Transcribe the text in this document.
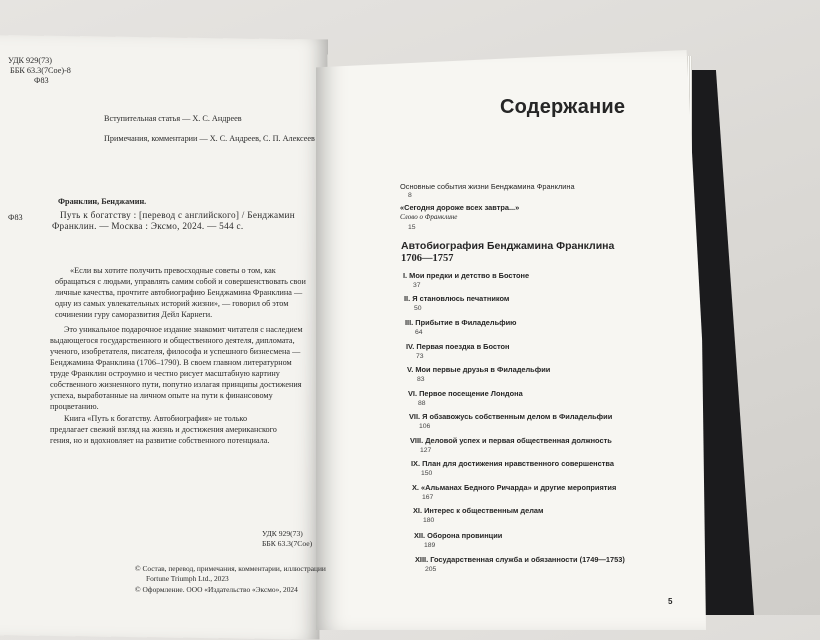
УДК 929(73)
ББК 63.3(7Сое)-8
Ф83
Вступительная статья — Х. С. Андреев
Примечания, комментарии — Х. С. Андреев, С. П. Алексеев
Франклин, Бенджамин.
Ф83	Путь к богатству : [перевод с английского] / Бенджамин
Франклин. — Москва : Эксмо, 2024. — 544 с.
«Если вы хотите получить превосходные советы о том, как
обращаться с людьми, управлять самим собой и совершенствовать свои
личные качества, прочтите автобиографию Бенджамина Франклина —
одну из самых увлекательных историй жизни», — говорил об этом
сочинении гуру саморазвития Дейл Карнеги.
Это уникальное подарочное издание знакомит читателя с наследием
выдающегося государственного и общественного деятеля, дипломата,
ученого, изобретателя, писателя, философа и успешного бизнесмена —
Бенджамина Франклина (1706–1790). В своем главном литературном
труде Франклин остроумно и честно рисует масштабную картину
собственного жизненного пути, попутно излагая принципы достижения
успеха, выработанные на личном опыте на пути к финансовому
процветанию.
Книга «Путь к богатству. Автобиография» не только
предлагает свежий взгляд на жизнь и достижения американского
гения, но и вдохновляет на развитие собственного потенциала.
УДК 929(73)
ББК 63.3(7Сое)
© Состав, перевод, примечания, комментарии, иллюстрации
Fortune Triumph Ltd., 2023
© Оформление. ООО «Издательство «Эксмо», 2024
Содержание
Основные события жизни Бенджамина Франклина
8
«Сегодня дороже всех завтра...»
Слово о Франклине
15
Автобиография Бенджамина Франклина
1706—1757
I. Мои предки и детство в Бостоне
37
II. Я становлюсь печатником
50
III. Прибытие в Филадельфию
64
IV. Первая поездка в Бостон
73
V. Мои первые друзья в Филадельфии
83
VI. Первое посещение Лондона
88
VII. Я обзавожусь собственным делом в Филадельфии
106
VIII. Деловой успех и первая общественная должность
127
IX. План для достижения нравственного совершенства
150
X. «Альманах Бедного Ричарда» и другие мероприятия
167
XI. Интерес к общественным делам
180
XII. Оборона провинции
189
XIII. Государственная служба и обязанности (1749—1753)
205
5
